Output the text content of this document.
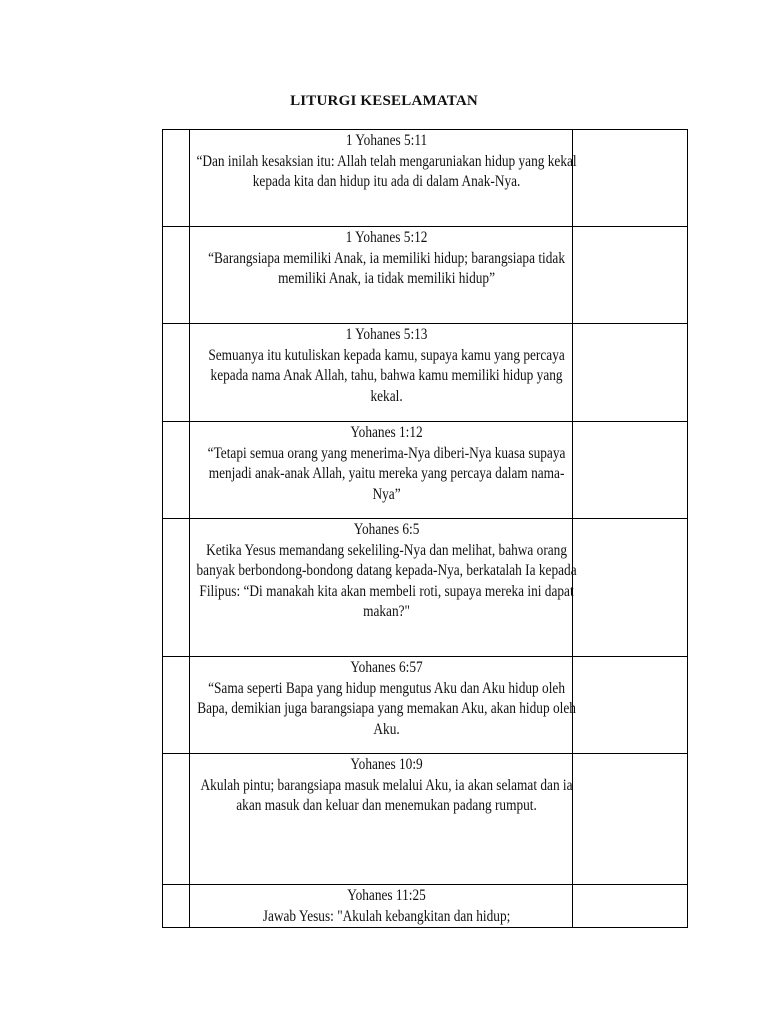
LITURGI KESELAMATAN

	1 Yohanes 5:11
“Dan inilah kesaksian itu: Allah telah mengaruniakan hidup yang kekal kepada kita dan hidup itu ada di dalam Anak-Nya.	

	1 Yohanes 5:12
“Barangsiapa memiliki Anak, ia memiliki hidup; barangsiapa tidak memiliki Anak, ia tidak memiliki hidup”	

	1 Yohanes 5:13
Semuanya itu kutuliskan kepada kamu, supaya kamu yang percaya kepada nama Anak Allah, tahu, bahwa kamu memiliki hidup yang kekal.	

	Yohanes 1:12
“Tetapi semua orang yang menerima-Nya diberi-Nya kuasa supaya menjadi anak-anak Allah, yaitu mereka yang percaya dalam nama-Nya”	

	Yohanes 6:5
Ketika Yesus memandang sekeliling-Nya dan melihat, bahwa orang banyak berbondong-bondong datang kepada-Nya, berkatalah Ia kepada Filipus: “Di manakah kita akan membeli roti, supaya mereka ini dapat makan?"	

	Yohanes 6:57
“Sama seperti Bapa yang hidup mengutus Aku dan Aku hidup oleh Bapa, demikian juga barangsiapa yang memakan Aku, akan hidup oleh Aku.	

	Yohanes 10:9
Akulah pintu; barangsiapa masuk melalui Aku, ia akan selamat dan ia akan masuk dan keluar dan menemukan padang rumput.	

	Yohanes 11:25
Jawab Yesus: "Akulah kebangkitan dan hidup;	
